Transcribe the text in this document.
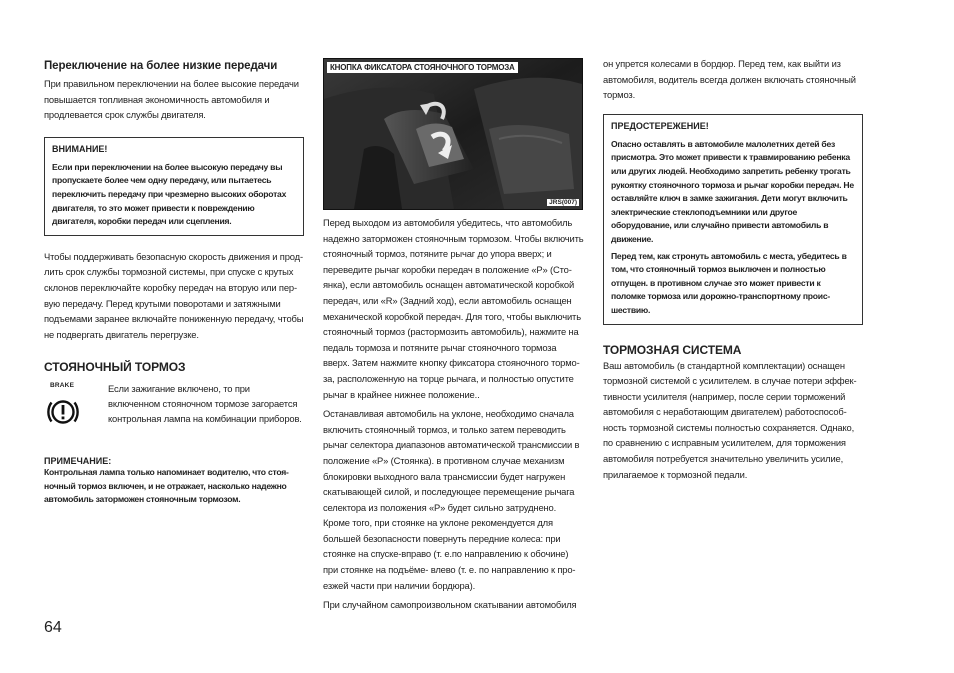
Переключение на более низкие передачи

При правильном переключении на более высокие передачи повышается топливная экономичность автомобиля и продлевается срок службы двигателя.

ВНИМАНИЕ!

Если при переключении на более высокую передачу вы пропускаете более чем одну передачу, или пытаетесь переключить передачу при чрезмерно высоких оборотах двигателя, то это может привести к повреждению двигателя, коробки передач или сцепления.

Чтобы поддерживать безопасную скорость движения и продлить срок службы тормозной системы, при спуске с крутых склонов переключайте коробку передач на вторую или первую передачу. Перед крутыми поворотами и затяжными подъемами заранее включайте пониженную передачу, чтобы не подвергать двигатель перегрузке.

СТОЯНОЧНЫЙ ТОРМОЗ
BRAKE	Если зажигание включено, то при включенном стояночном тормозе загорается контрольная лампа на комбинации приборов.

ПРИМЕЧАНИЕ:

Контрольная лампа только напоминает водителю, что стояночный тормоз включен, и не отражает, насколько надежно автомобиль заторможен стояночным тормозом.

КНОПКА ФИКСАТОРА СТОЯНОЧНОГО ТОРМОЗА
JRS(007)

Перед выходом из автомобиля убедитесь, что автомобиль надежно заторможен стояночным тормозом. Чтобы включить стояночный тормоз, потяните рычаг до упора вверх; и переведите рычаг коробки передач в положение «P» (Стоянка), если автомобиль оснащен автоматической коробкой передач, или «R» (Задний ход), если автомобиль оснащен механической коробкой передач. Для того, чтобы выключить стояночный тормоз (растормозить автомобиль), нажмите на педаль тормоза и потяните рычаг стояночного тормоза вверх. Затем нажмите кнопку фиксатора стояночного тормоза, расположенную на торце рычага, и полностью опустите рычаг в крайнее нижнее положение..

Останавливая автомобиль на уклоне, необходимо сначала включить стояночный тормоз, и только затем переводить рычаг селектора диапазонов автоматической трансмиссии в положение «P» (Стоянка). в противном случае механизм блокировки выходного вала трансмиссии будет нагружен скатывающей силой, и последующее перемещение рычага селектора из положения «P» будет сильно затруднено. Кроме того, при стоянке на уклоне рекомендуется для большей безопасности повернуть передние колеса: при стоянке на спуске-вправо (т. е.по направлению к обочине) при стоянке на подъёме- влево (т. е. по направлению к проезжей части при наличии бордюра).

При случайном самопроизвольном скатывании автомобиля

он упрется колесами в бордюр. Перед тем, как выйти из автомобиля, водитель всегда должен включать стояночный тормоз.

ПРЕДОСТЕРЕЖЕНИЕ!

Опасно оставлять в автомобиле малолетних детей без присмотра. Это может привести к травмированию ребенка или других людей. Необходимо запретить ребенку трогать рукоятку стояночного тормоза и рычаг коробки передач. Не оставляйте ключ в замке зажигания. Дети могут включить электрические стеклоподъемники или другое оборудование, или случайно привести автомобиль в движение.

Перед тем, как стронуть автомобиль с места, убедитесь в том, что стояночный тормоз выключен и полностью отпущен. в противном случае это может привести к поломке тормоза или дорожно-транспортному происшествию.

ТОРМОЗНАЯ СИСТЕМА

Ваш автомобиль (в стандартной комплектации) оснащен тормозной системой с усилителем. в случае потери эффективности усилителя (например, после серии торможений автомобиля с неработающим двигателем) работоспособность тормозной системы полностью сохраняется. Однако, по сравнению с исправным усилителем, для торможения автомобиля потребуется значительно увеличить усилие, прилагаемое к тормозной педали.

64
